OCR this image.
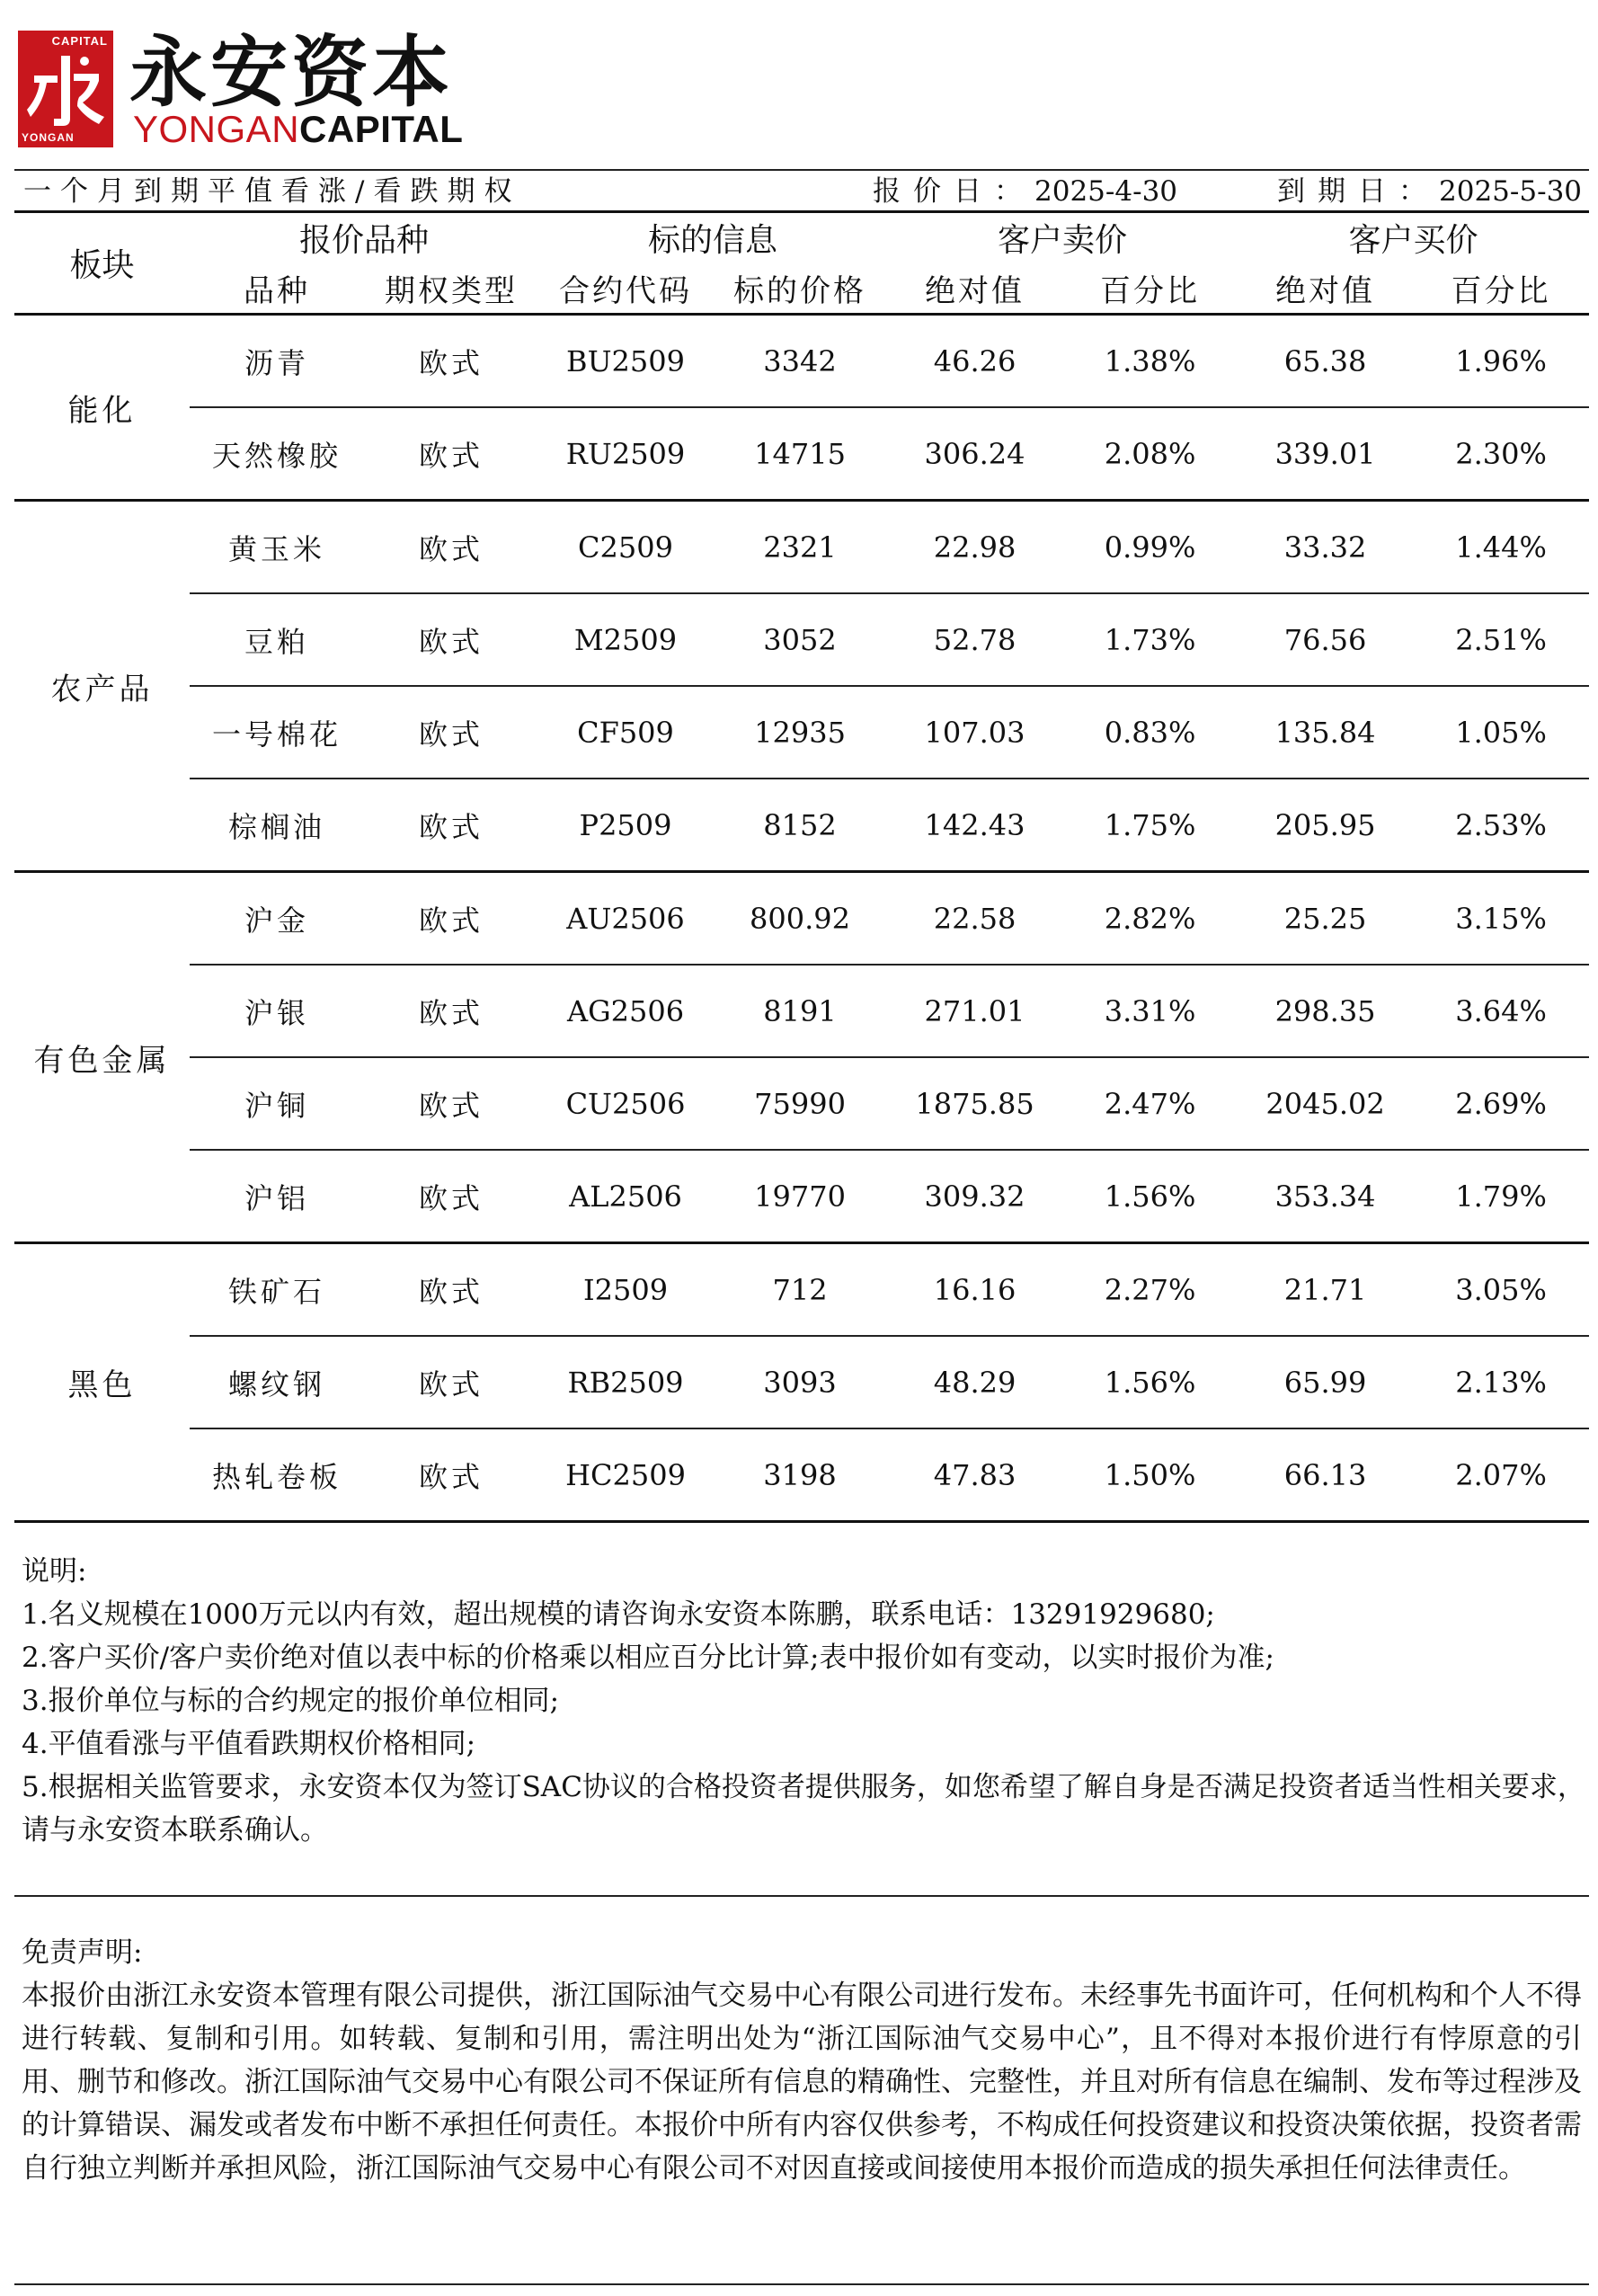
CAPITAL
YONGAN
永安资本
YONGANCAPITAL
一个月到期平值看涨/看跌期权	报价日：2025-4-30	到期日：2025-5-30
板块	报价品种		标的信息		客户卖价		客户买价	
	品种	期权类型	合约代码	标的价格	绝对值	百分比	绝对值	百分比
能化	沥青	欧式	BU2509	3342	46.26	1.38%	65.38	1.96%
	天然橡胶	欧式	RU2509	14715	306.24	2.08%	339.01	2.30%
农产品	黄玉米	欧式	C2509	2321	22.98	0.99%	33.32	1.44%
	豆粕	欧式	M2509	3052	52.78	1.73%	76.56	2.51%
	一号棉花	欧式	CF509	12935	107.03	0.83%	135.84	1.05%
	棕榈油	欧式	P2509	8152	142.43	1.75%	205.95	2.53%
有色金属	沪金	欧式	AU2506	800.92	22.58	2.82%	25.25	3.15%
	沪银	欧式	AG2506	8191	271.01	3.31%	298.35	3.64%
	沪铜	欧式	CU2506	75990	1875.85	2.47%	2045.02	2.69%
	沪铝	欧式	AL2506	19770	309.32	1.56%	353.34	1.79%
黑色	铁矿石	欧式	I2509	712	16.16	2.27%	21.71	3.05%
	螺纹钢	欧式	RB2509	3093	48.29	1.56%	65.99	2.13%
	热轧卷板	欧式	HC2509	3198	47.83	1.50%	66.13	2.07%

说明:

1.名义规模在1000万元以内有效，超出规模的请咨询永安资本陈鹏，联系电话：13291929680;

2.客户买价/客户卖价绝对值以表中标的价格乘以相应百分比计算;表中报价如有变动，以实时报价为准;

3.报价单位与标的合约规定的报价单位相同;

4.平值看涨与平值看跌期权价格相同;

5.根据相关监管要求，永安资本仅为签订SAC协议的合格投资者提供服务，如您希望了解自身是否满足投资者适当性相关要求，请与永安资本联系确认。

免责声明:

本报价由浙江永安资本管理有限公司提供，浙江国际油气交易中心有限公司进行发布。未经事先书面许可，任何机构和个人不得进行转载、复制和引用。如转载、复制和引用，需注明出处为“浙江国际油气交易中心”，且不得对本报价进行有悖原意的引用、删节和修改。浙江国际油气交易中心有限公司不保证所有信息的精确性、完整性，并且对所有信息在编制、发布等过程涉及的计算错误、漏发或者发布中断不承担任何责任。本报价中所有内容仅供参考，不构成任何投资建议和投资决策依据，投资者需自行独立判断并承担风险，浙江国际油气交易中心有限公司不对因直接或间接使用本报价而造成的损失承担任何法律责任。
